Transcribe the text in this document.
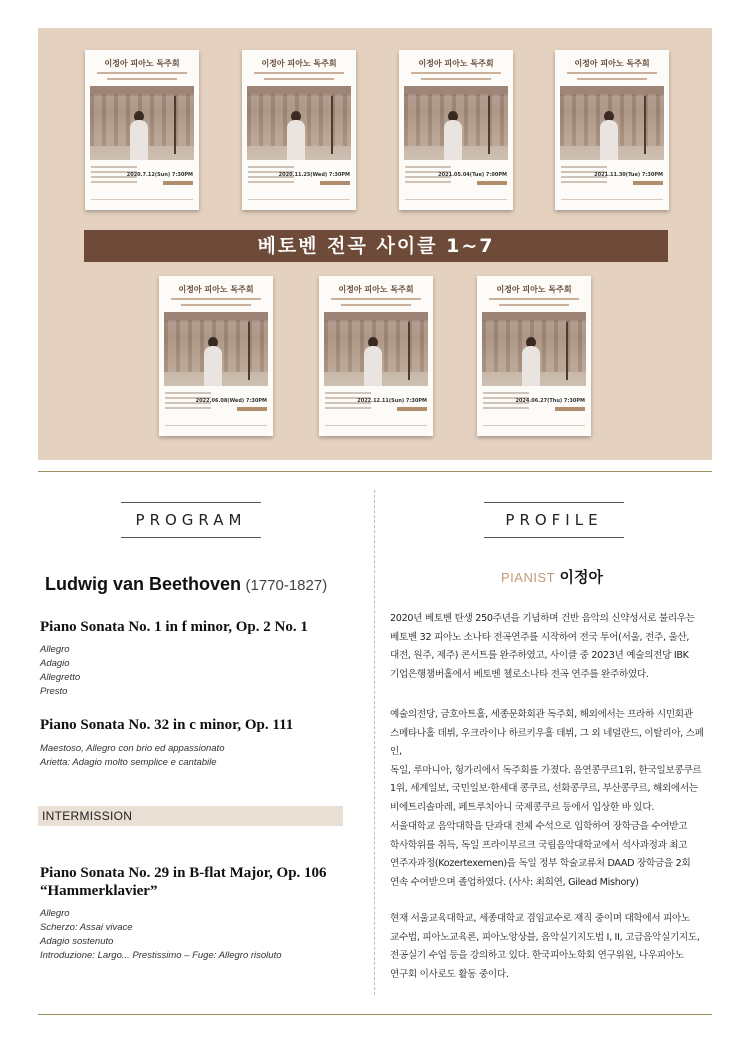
이정아 피아노 독주회
2020.7.12(Sun) 7:30PM
이정아 피아노 독주회
2020.11.25(Wed) 7:30PM
이정아 피아노 독주회
2021.05.04(Tue) 7:00PM
이정아 피아노 독주회
2021.11.30(Tue) 7:30PM
이정아 피아노 독주회
2022.06.08(Wed) 7:30PM
이정아 피아노 독주회
2022.12.11(Sun) 7:30PM
이정아 피아노 독주회
2024.06.27(Thu) 7:30PM
베토벤 전곡 사이클 1~7
PROGRAM
Ludwig van Beethoven (1770-1827)
Piano Sonata No. 1 in f minor, Op. 2 No. 1
Allegro
Adagio
Allegretto
Presto
Piano Sonata No. 32 in c minor, Op. 111
Maestoso, Allegro con brio ed appassionato
Arietta: Adagio molto semplice e cantabile
INTERMISSION
Piano Sonata No. 29 in B-flat Major, Op. 106
“Hammerklavier”
Allegro
Scherzo: Assai vivace
Adagio sostenuto
Introduzione: Largo... Prestissimo – Fuge: Allegro risoluto
PROFILE
PIANIST 이정아
2020년 베토벤 탄생 250주년을 기념하며 건반 음악의 신약성서로 불리우는
베토벤 32 피아노 소나타 전곡연주를 시작하여 전국 투어(서울, 전주, 울산,
대전, 원주, 제주) 콘서트를 완주하였고, 사이클 중 2023년 예술의전당 IBK
기업은행챔버홀에서 베토벤 첼로소나타 전곡 연주를 완주하였다.
예술의전당, 금호아트홀, 세종문화회관 독주회, 해외에서는 프라하 시민회관
스메타나홀 데뷔, 우크라이나 하르키우홀 데뷔, 그 외 네덜란드, 이탈리아, 스페인,
독일, 루마니아, 헝가리에서 독주회를 가졌다. 음연콩쿠르1위, 한국일보콩쿠르
1위, 세계일보, 국민일보·한세대 콩쿠르, 선화콩쿠르, 부산콩쿠르, 해외에서는
비에트리솔마레, 페트루치아니 국제콩쿠르 등에서 입상한 바 있다.
서울대학교 음악대학을 단과대 전체 수석으로 입학하여 장학금을 수여받고
학사학위를 취득, 독일 프라이부르크 국립음악대학교에서 석사과정과 최고
연주자과정(Kozertexemen)을 독일 정부 학술교류처 DAAD 장학금을 2회
연속 수여받으며 졸업하였다. (사사: 최희연, Gilead Mishory)
현재 서울교육대학교, 세종대학교 겸임교수로 재직 중이며 대학에서 피아노
교수법, 피아노교육론, 피아노앙상블, 음악실기지도법 I, II, 고급음악실기지도,
전공실기 수업 등을 강의하고 있다. 한국피아노학회 연구위원, 나우피아노
연구회 이사로도 활동 중이다.
